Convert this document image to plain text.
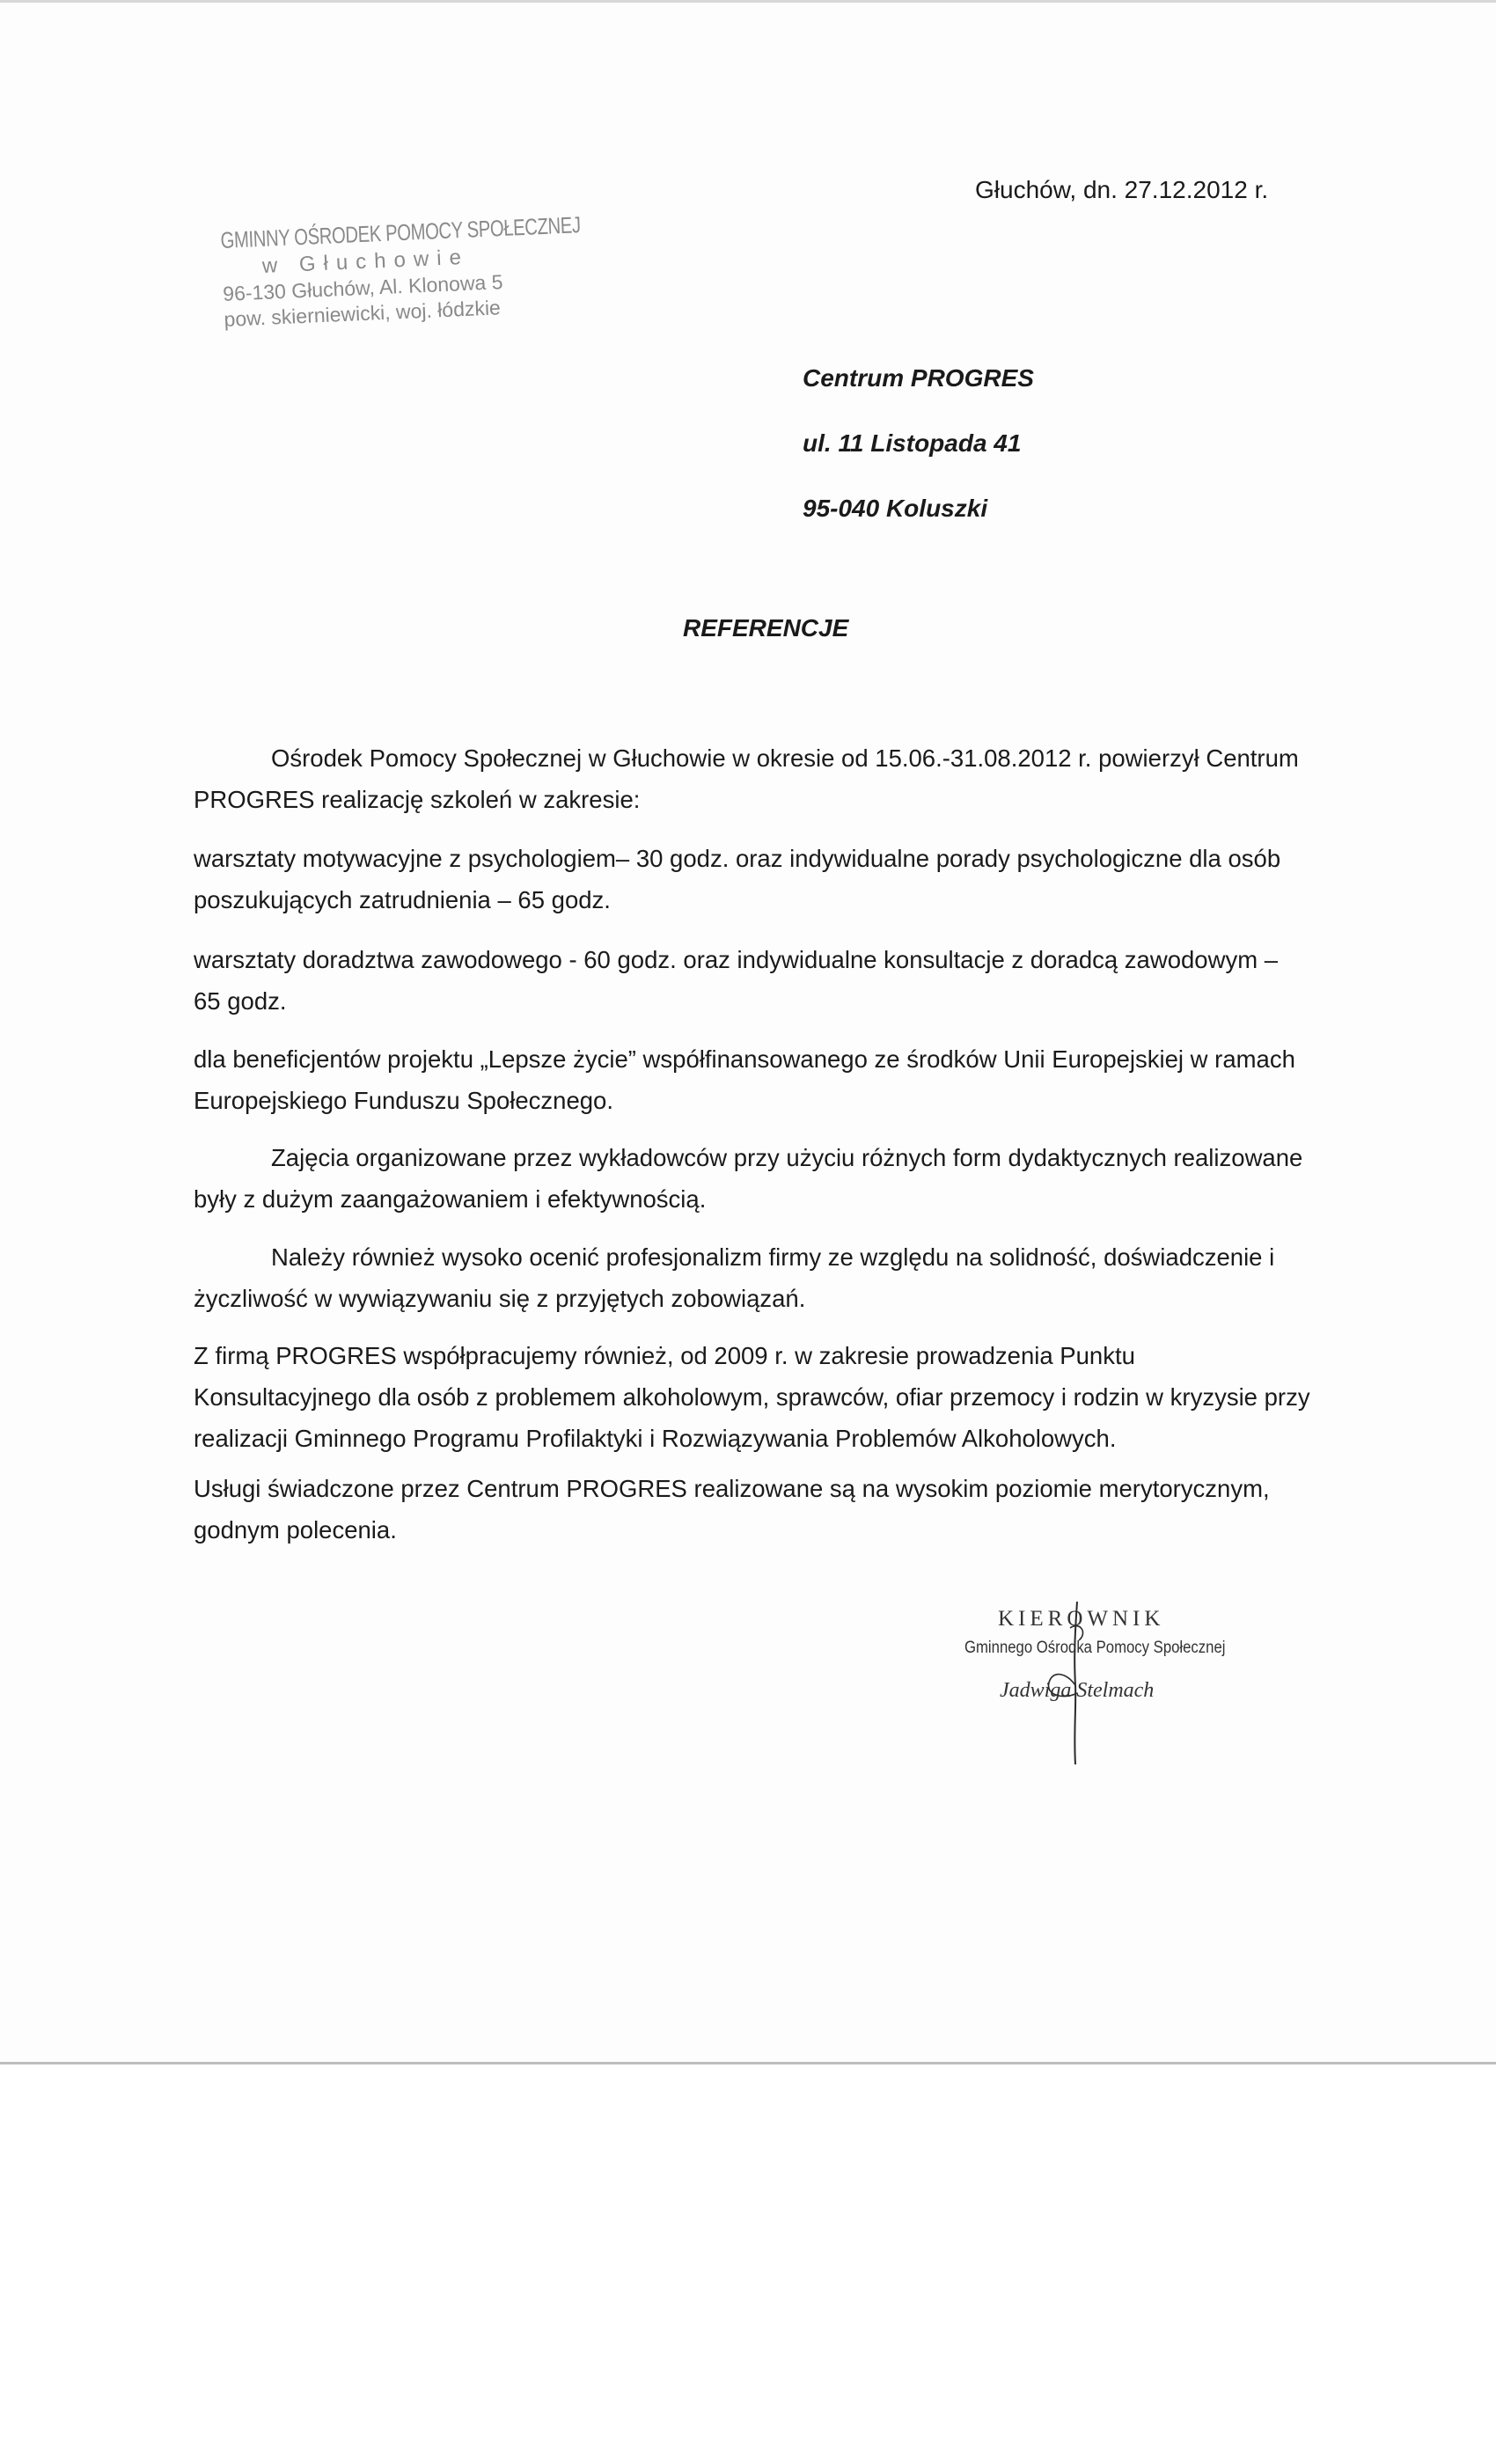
GMINNY OŚRODEK POMOCY SPOŁECZNEJ
w Głuchowie
96-130 Głuchów, Al. Klonowa 5
pow. skierniewicki, woj. łódzkie
Głuchów, dn. 27.12.2012 r.
Centrum PROGRES
ul. 11 Listopada 41
95-040 Koluszki
REFERENCJE
Ośrodek Pomocy Społecznej w Głuchowie w okresie od 15.06.-31.08.2012 r. powierzył Centrum PROGRES realizację szkoleń w zakresie:
warsztaty motywacyjne z psychologiem– 30 godz. oraz indywidualne porady psychologiczne dla osób poszukujących zatrudnienia – 65 godz.
warsztaty doradztwa zawodowego - 60 godz. oraz indywidualne konsultacje z doradcą zawodowym – 65 godz.
dla beneficjentów projektu „Lepsze życie” współfinansowanego ze środków Unii Europejskiej w ramach Europejskiego Funduszu Społecznego.
Zajęcia organizowane przez wykładowców przy użyciu różnych form dydaktycznych realizowane były z dużym zaangażowaniem i efektywnością.
Należy również wysoko ocenić profesjonalizm firmy ze względu na solidność, doświadczenie i życzliwość w wywiązywaniu się z przyjętych zobowiązań.
Z firmą PROGRES współpracujemy również, od 2009 r. w zakresie prowadzenia Punktu Konsultacyjnego dla osób z problemem alkoholowym, sprawców, ofiar przemocy i rodzin w kryzysie przy realizacji Gminnego Programu Profilaktyki i Rozwiązywania Problemów Alkoholowych.
Usługi świadczone przez Centrum PROGRES realizowane są na wysokim poziomie merytorycznym, godnym polecenia.
KIEROWNIK
Gminnego Ośrodka Pomocy Społecznej
Jadwiga Stelmach
